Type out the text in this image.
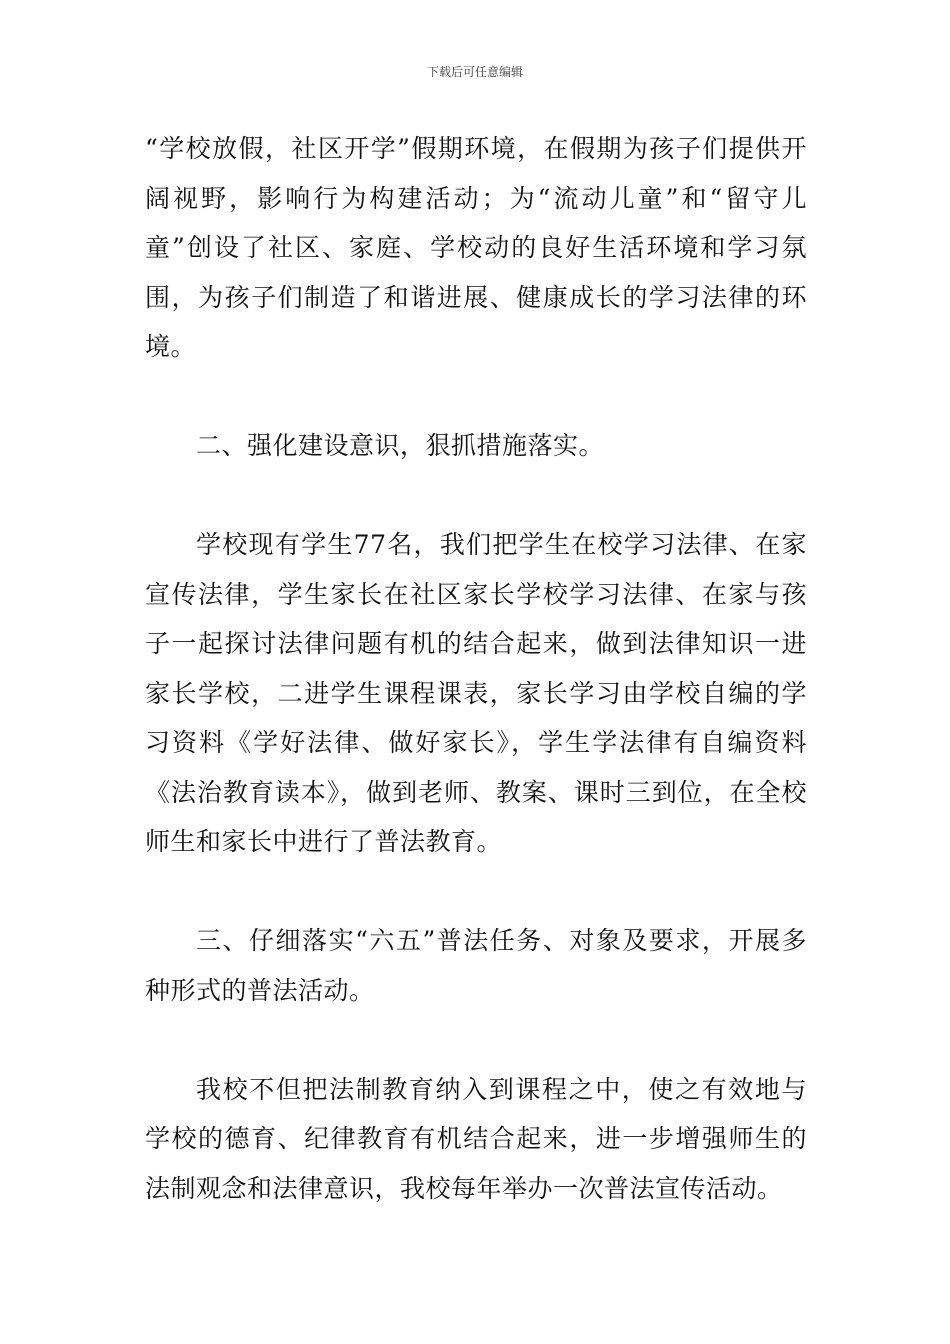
下载后可任意编辑

“学校放假，社区开学”假期环境，在假期为孩子们提供开阔视野，影响行为构建活动；为“流动儿童”和“留守儿童”创设了社区、家庭、学校动的良好生活环境和学习氛围，为孩子们制造了和谐进展、健康成长的学习法律的环境。

二、强化建设意识，狠抓措施落实。

学校现有学生77名，我们把学生在校学习法律、在家宣传法律，学生家长在社区家长学校学习法律、在家与孩子一起探讨法律问题有机的结合起来，做到法律知识一进家长学校，二进学生课程课表，家长学习由学校自编的学习资料《学好法律、做好家长》，学生学法律有自编资料《法治教育读本》，做到老师、教案、课时三到位，在全校师生和家长中进行了普法教育。

三、仔细落实“六五”普法任务、对象及要求，开展多种形式的普法活动。

我校不但把法制教育纳入到课程之中，使之有效地与学校的德育、纪律教育有机结合起来，进一步增强师生的法制观念和法律意识，我校每年举办一次普法宣传活动。
